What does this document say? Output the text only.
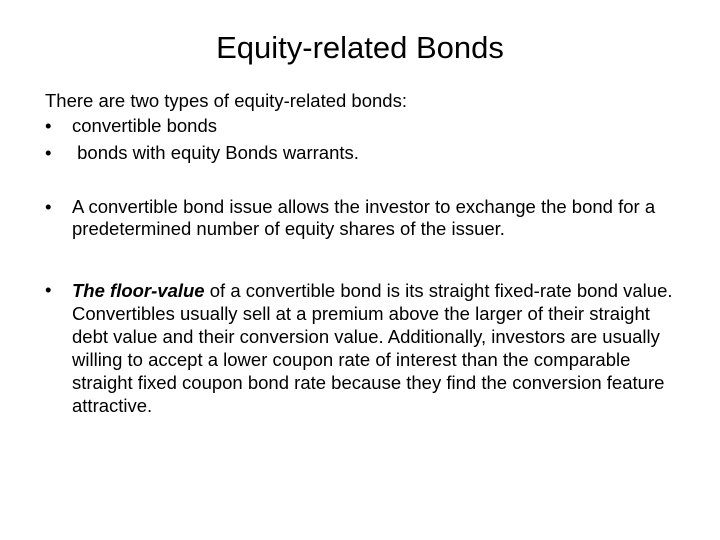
Equity-related Bonds

There are two types of equity-related bonds:

•	convertible bonds
•	bonds with equity Bonds warrants.
•	A convertible bond issue allows the investor to exchange the bond for a predetermined number of equity shares of the issuer.
•	The floor-value of a convertible bond is its straight fixed-rate bond value. Convertibles usually sell at a premium above the larger of their straight debt value and their conversion value. Additionally, investors are usually willing to accept a lower coupon rate of interest than the comparable straight fixed coupon bond rate because they find the conversion feature attractive.
